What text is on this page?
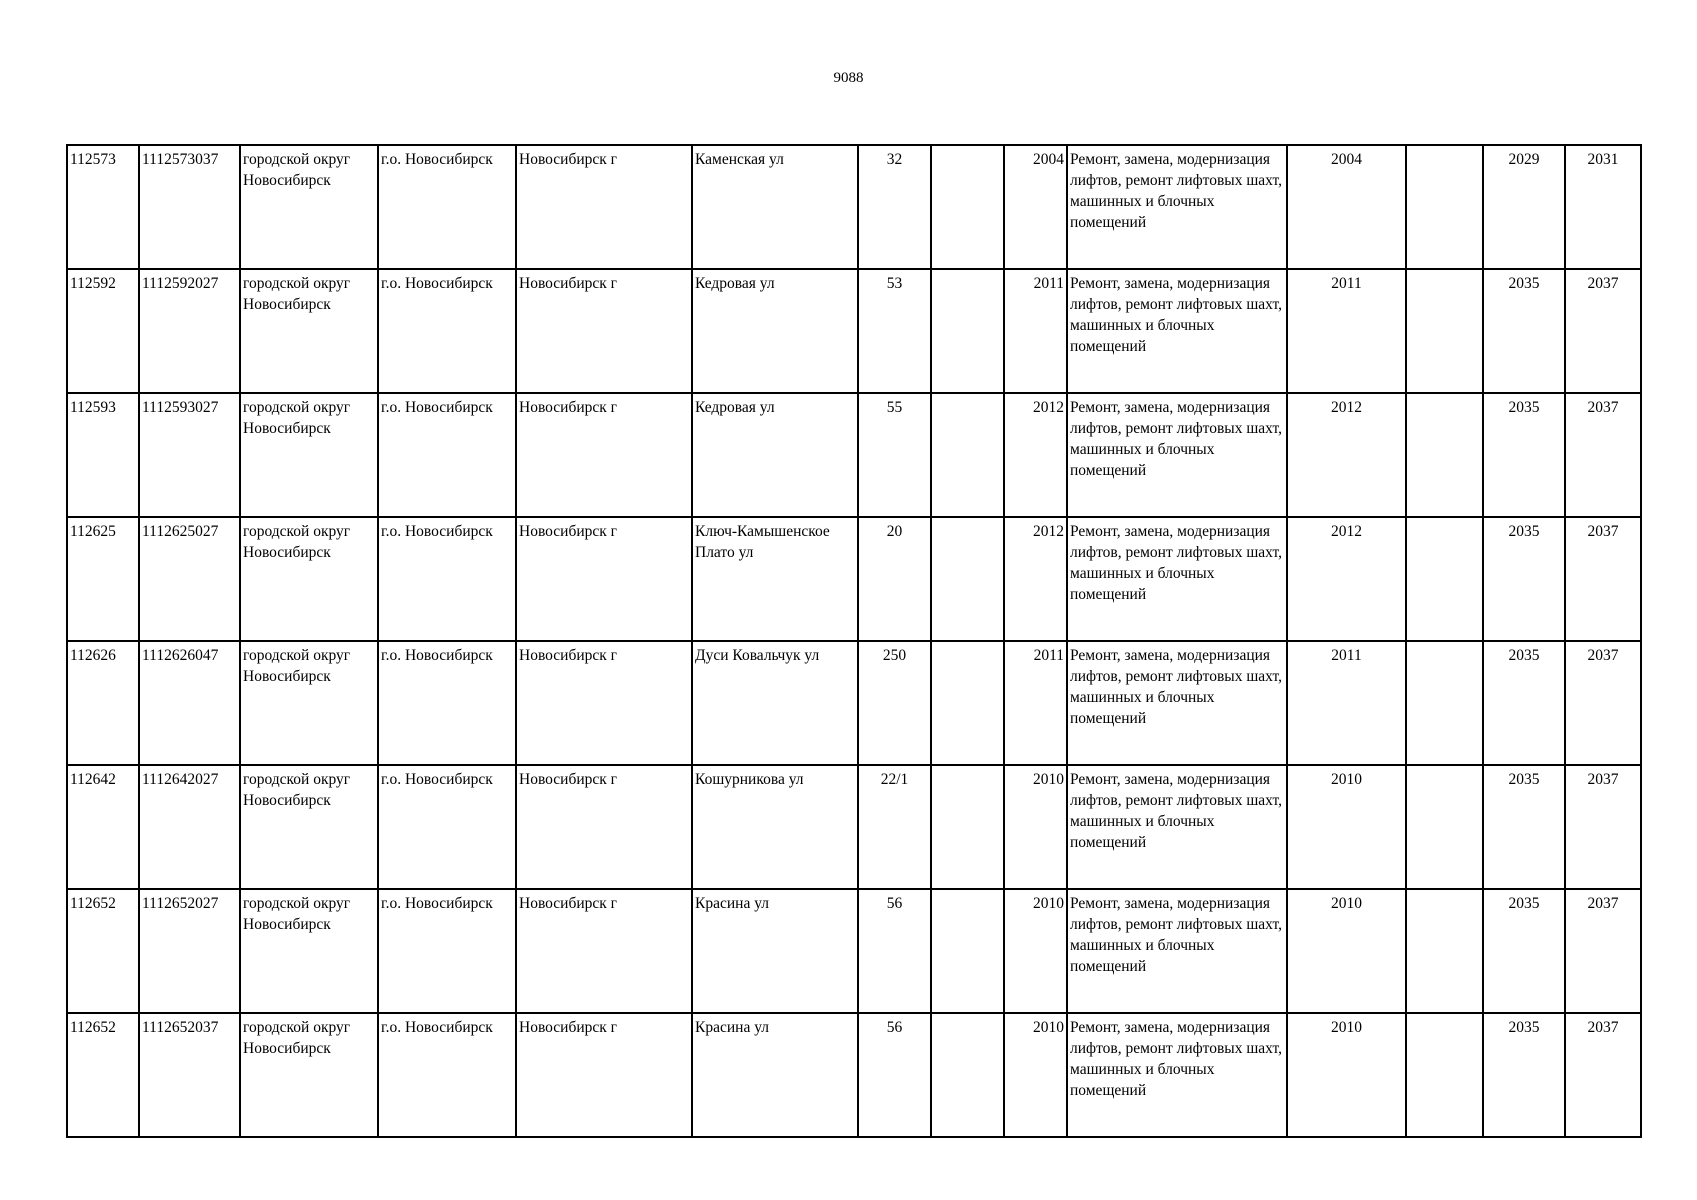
9088
112573	1112573037	городской округ Новосибирск	г.о. Новосибирск	Новосибирск г	Каменская ул	32		2004	Ремонт, замена, модернизация лифтов, ремонт лифтовых шахт, машинных и блочных помещений	2004		2029	2031
112592	1112592027	городской округ Новосибирск	г.о. Новосибирск	Новосибирск г	Кедровая ул	53		2011	Ремонт, замена, модернизация лифтов, ремонт лифтовых шахт, машинных и блочных помещений	2011		2035	2037
112593	1112593027	городской округ Новосибирск	г.о. Новосибирск	Новосибирск г	Кедровая ул	55		2012	Ремонт, замена, модернизация лифтов, ремонт лифтовых шахт, машинных и блочных помещений	2012		2035	2037
112625	1112625027	городской округ Новосибирск	г.о. Новосибирск	Новосибирск г	Ключ-Камышенское Плато ул	20		2012	Ремонт, замена, модернизация лифтов, ремонт лифтовых шахт, машинных и блочных помещений	2012		2035	2037
112626	1112626047	городской округ Новосибирск	г.о. Новосибирск	Новосибирск г	Дуси Ковальчук ул	250		2011	Ремонт, замена, модернизация лифтов, ремонт лифтовых шахт, машинных и блочных помещений	2011		2035	2037
112642	1112642027	городской округ Новосибирск	г.о. Новосибирск	Новосибирск г	Кошурникова ул	22/1		2010	Ремонт, замена, модернизация лифтов, ремонт лифтовых шахт, машинных и блочных помещений	2010		2035	2037
112652	1112652027	городской округ Новосибирск	г.о. Новосибирск	Новосибирск г	Красина ул	56		2010	Ремонт, замена, модернизация лифтов, ремонт лифтовых шахт, машинных и блочных помещений	2010		2035	2037
112652	1112652037	городской округ Новосибирск	г.о. Новосибирск	Новосибирск г	Красина ул	56		2010	Ремонт, замена, модернизация лифтов, ремонт лифтовых шахт, машинных и блочных помещений	2010		2035	2037
